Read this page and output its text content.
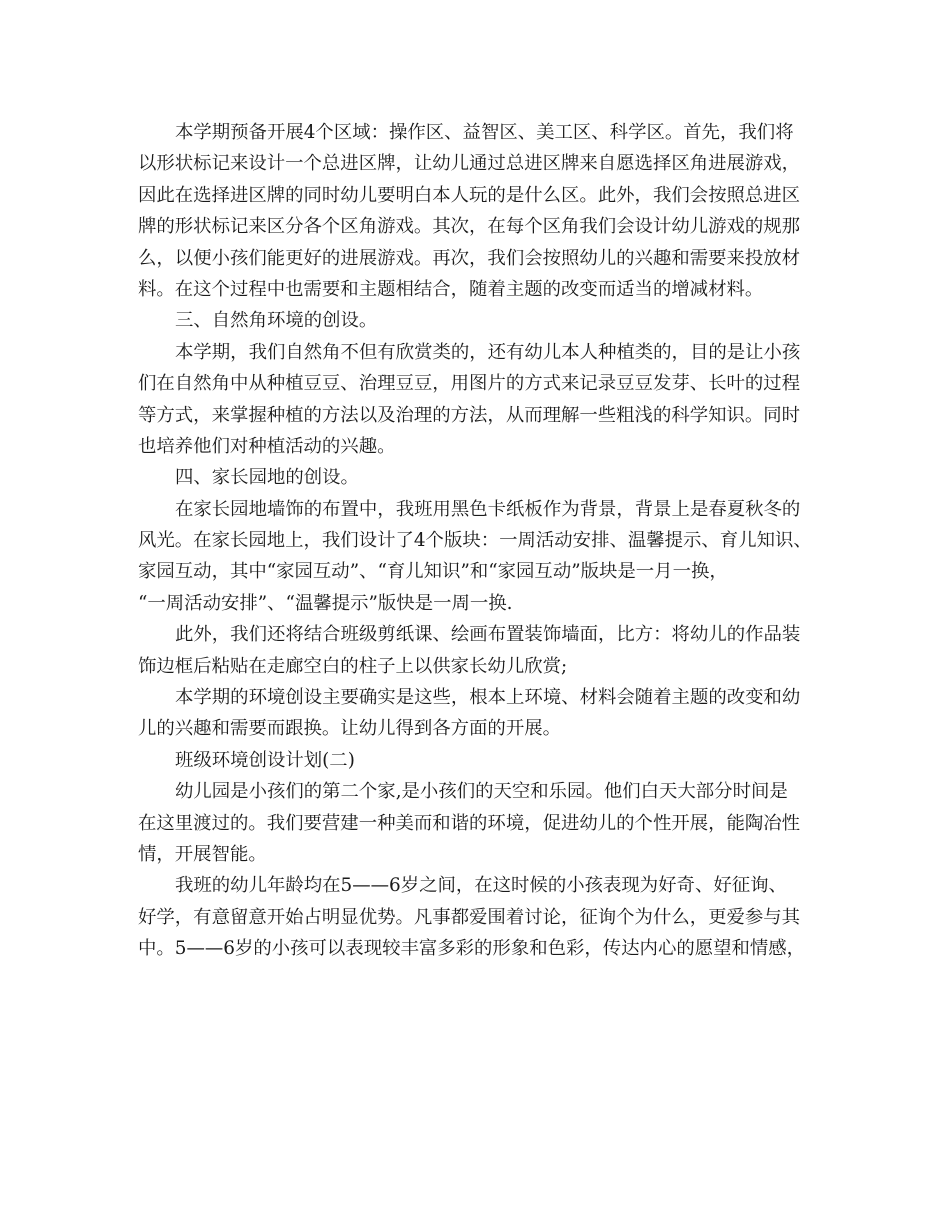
本学期预备开展4个区域：操作区、益智区、美工区、科学区。首先，我们将
以形状标记来设计一个总进区牌，让幼儿通过总进区牌来自愿选择区角进展游戏，
因此在选择进区牌的同时幼儿要明白本人玩的是什么区。此外，我们会按照总进区
牌的形状标记来区分各个区角游戏。其次，在每个区角我们会设计幼儿游戏的规那
么，以便小孩们能更好的进展游戏。再次，我们会按照幼儿的兴趣和需要来投放材
料。在这个过程中也需要和主题相结合，随着主题的改变而适当的增减材料。
三、自然角环境的创设。
本学期，我们自然角不但有欣赏类的，还有幼儿本人种植类的，目的是让小孩
们在自然角中从种植豆豆、治理豆豆，用图片的方式来记录豆豆发芽、长叶的过程
等方式，来掌握种植的方法以及治理的方法，从而理解一些粗浅的科学知识。同时
也培养他们对种植活动的兴趣。
四、家长园地的创设。
在家长园地墙饰的布置中，我班用黑色卡纸板作为背景，背景上是春夏秋冬的
风光。在家长园地上，我们设计了4个版块：一周活动安排、温馨提示、育儿知识、
家园互动，其中“家园互动”、“育儿知识”和“家园互动”版块是一月一换，
“一周活动安排”、“温馨提示”版快是一周一换.
此外，我们还将结合班级剪纸课、绘画布置装饰墙面，比方：将幼儿的作品装
饰边框后粘贴在走廊空白的柱子上以供家长幼儿欣赏;
本学期的环境创设主要确实是这些，根本上环境、材料会随着主题的改变和幼
儿的兴趣和需要而跟换。让幼儿得到各方面的开展。
班级环境创设计划(二)
幼儿园是小孩们的第二个家,是小孩们的天空和乐园。他们白天大部分时间是
在这里渡过的。我们要营建一种美而和谐的环境，促进幼儿的个性开展，能陶冶性
情，开展智能。
我班的幼儿年龄均在5——6岁之间，在这时候的小孩表现为好奇、好征询、
好学，有意留意开始占明显优势。凡事都爱围着讨论，征询个为什么，更爱参与其
中。5——6岁的小孩可以表现较丰富多彩的形象和色彩，传达内心的愿望和情感，
